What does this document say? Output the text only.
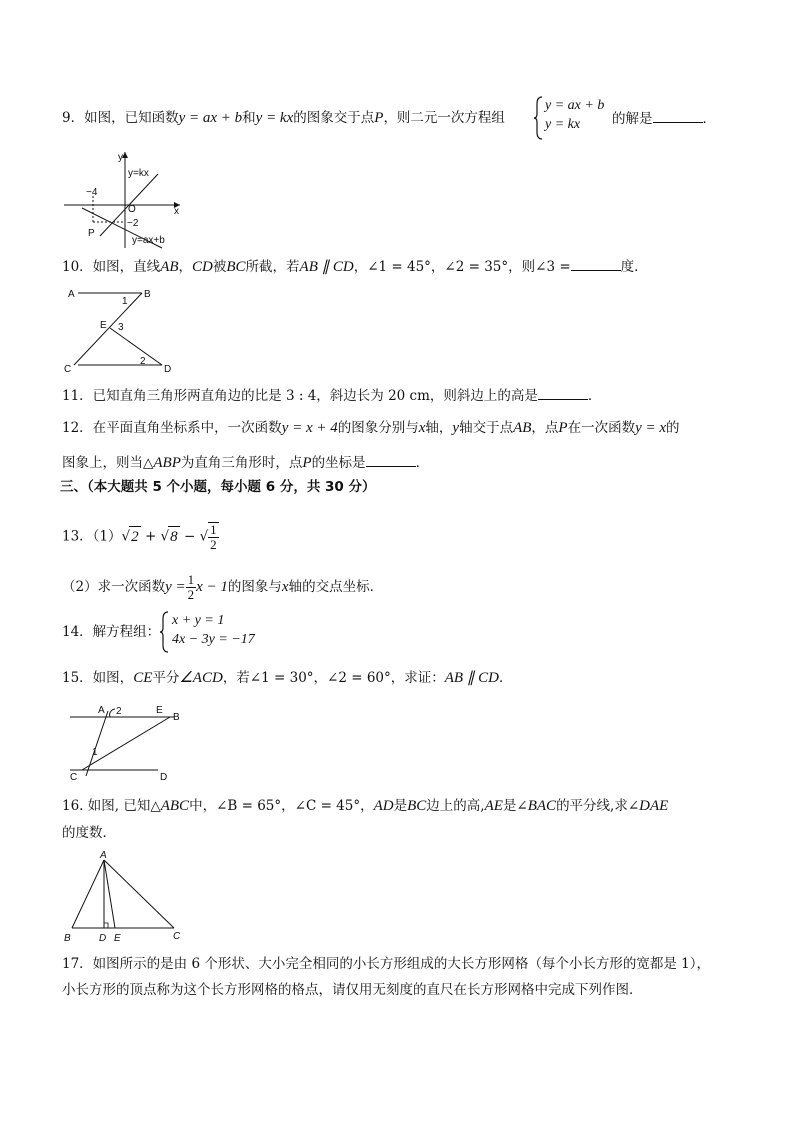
9．如图，已知函数y = ax + b和y = kx的图象交于点P，则二元一次方程组
y = ax + b
y = kx	的解是	．
y
x
O
−4
−2
P
y=kx
y=ax+b
10．如图，直线AB，CD被BC所截，若AB ∥ CD，∠1 = 45°，∠2 = 35°，则∠3 =	度．
A	B
C	D
E
1
3
2
11．已知直角三角形两直角边的比是 3 : 4，斜边长为 20 cm，则斜边上的高是	．
12．在平面直角坐标系中，一次函数y = x + 4的图象分别与x轴，y轴交于点AB，点P在一次函数y = x的
图象上，则当△ABP为直角三角形时，点P的坐标是	．
三、（本大题共 5 个小题，每小题 6 分，共 30 分）
13．（1）√2 + √8 − √ $\frac{1}{2}$
（2）求一次函数$y = \frac{1}{2}$ x − 1的图象与x轴的交点坐标．
14．解方程组：
x + y = 1
4x − 3y = −17
15．如图，CE平分∠ACD，若∠1 = 30°，∠2 = 60°，求证：AB ∥ CD．
A 2	E
B
C	D
1
16. 如图, 已知△ABC中，∠B = 65°，∠C = 45°，AD是BC边上的高,AE是∠BAC的平分线,求∠DAE
的度数．
A
B	D E	C
17．如图所示的是由 6 个形状、大小完全相同的小长方形组成的大长方形网格（每个小长方形的宽都是 1），
小长方形的顶点称为这个长方形网格的格点，请仅用无刻度的直尺在长方形网格中完成下列作图．
